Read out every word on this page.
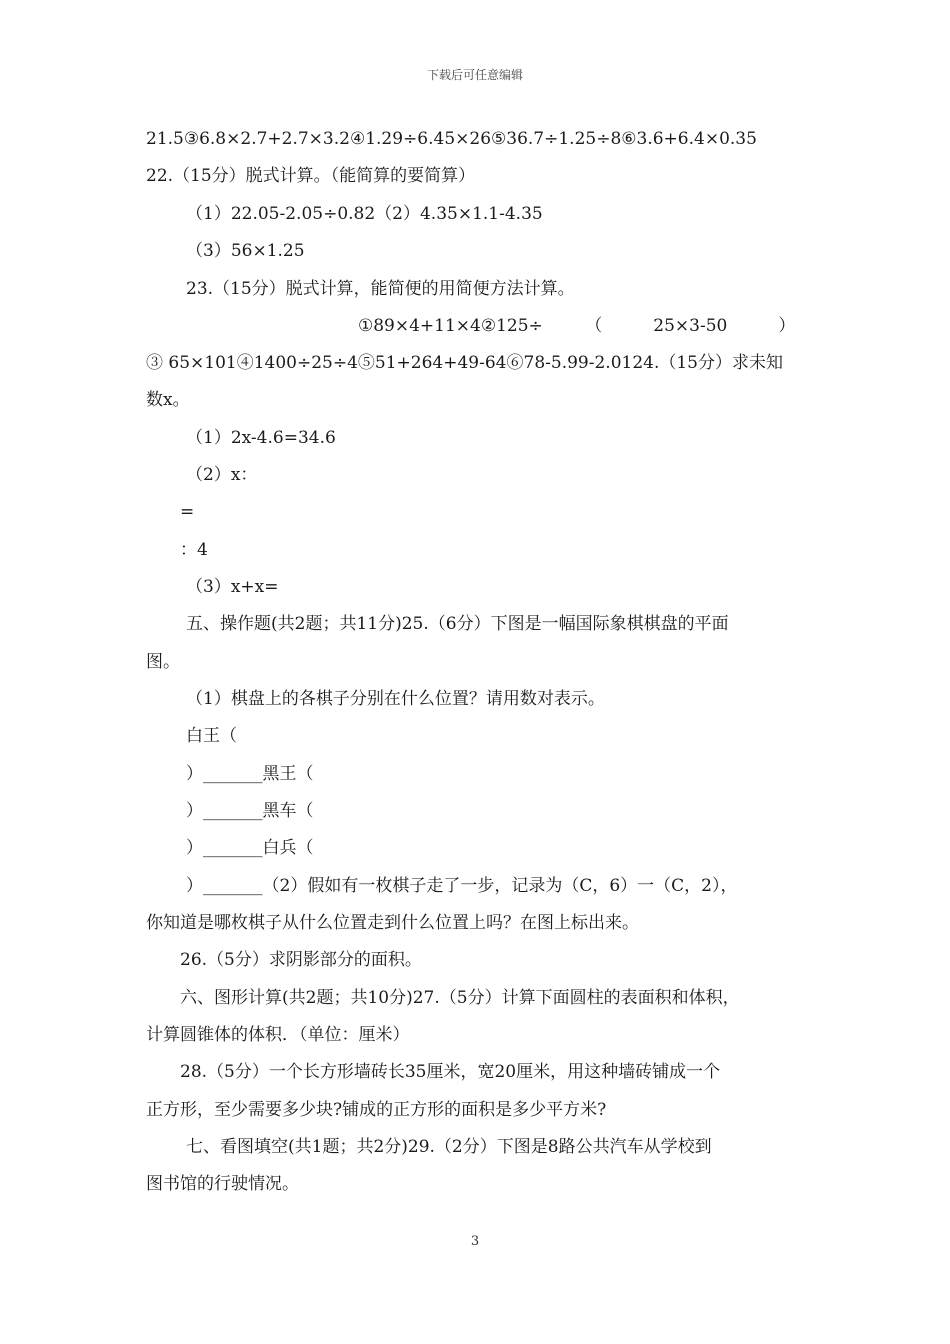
下载后可任意编辑
21.5③6.8×2.7+2.7×3.2④1.29÷6.45×26⑤36.7÷1.25÷8⑥3.6+6.4×0.35
22.（15分）脱式计算。（能简算的要简算）
（1）22.05-2.05÷0.82（2）4.35×1.1-4.35
（3）56×1.25
23.（15分）脱式计算，能简便的用简便方法计算。
①89×4+11×4②125÷　　　（　　　25×3-50　　　）
③ 65×101④1400÷25÷4⑤51+264+49-64⑥78-5.99-2.0124.（15分）求未知
数x。
（1）2x-4.6=34.6
（2）x：
=
：4
（3）x+x=
五、操作题(共2题；共11分)25.（6分）下图是一幅国际象棋棋盘的平面
图。
（1）棋盘上的各棋子分别在什么位置？请用数对表示。
白王（
）_______黑王（
）_______黑车（
）_______白兵（
）_______（2）假如有一枚棋子走了一步，记录为（C，6）一（C，2），
你知道是哪枚棋子从什么位置走到什么位置上吗？在图上标出来。
26.（5分）求阴影部分的面积。
六、图形计算(共2题；共10分)27.（5分）计算下面圆柱的表面积和体积，
计算圆锥体的体积．（单位：厘米）
28.（5分）一个长方形墙砖长35厘米，宽20厘米，用这种墙砖铺成一个
正方形，至少需要多少块?铺成的正方形的面积是多少平方米?
七、看图填空(共1题；共2分)29.（2分）下图是8路公共汽车从学校到
图书馆的行驶情况。
3
